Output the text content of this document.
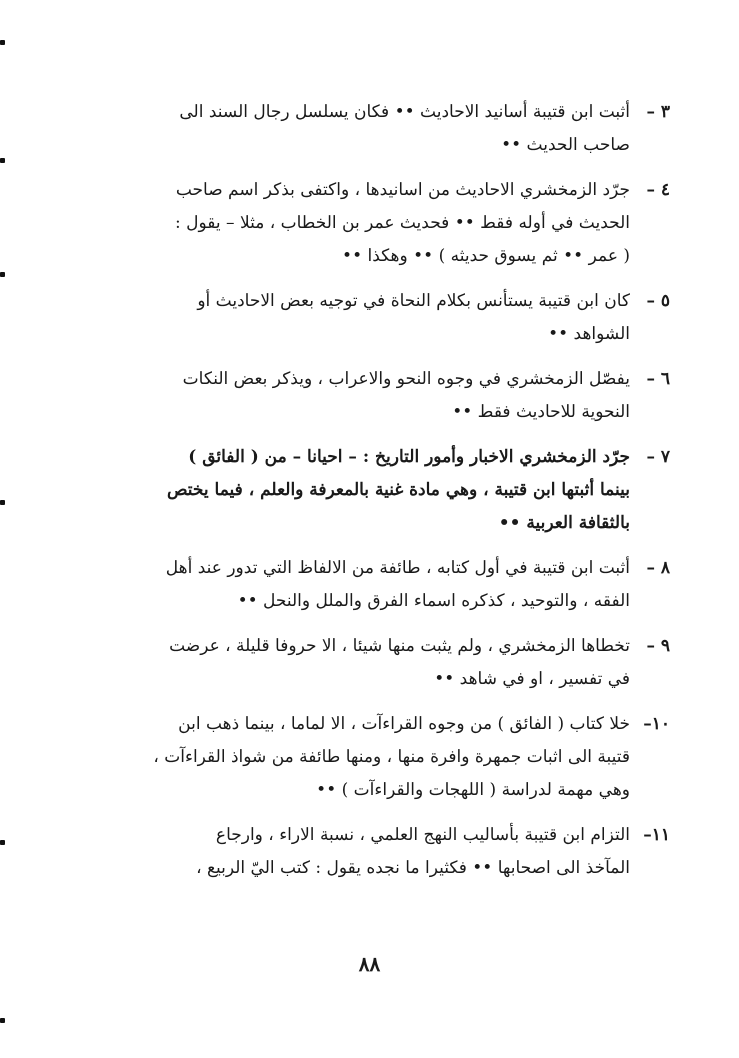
٣ –
أثبت ابن قتيبة أسانيد الاحاديث •• فكان يسلسل رجال السند الى
صاحب الحديث ••
٤ –
جرّد الزمخشري الاحاديث من اسانيدها ، واكتفى بذكر اسم صاحب
الحديث في أوله فقط •• فحديث عمر بن الخطاب ، مثلا – يقول :
( عمر •• ثم يسوق حديثه ) •• وهكذا ••
٥ –
كان ابن قتيبة يستأنس بكلام النحاة في توجيه بعض الاحاديث أو
الشواهد ••
٦ –
يفصّل الزمخشري في وجوه النحو والاعراب ، ويذكر بعض النكات
النحوية للاحاديث فقط ••
٧ –
جرّد الزمخشري الاخبار وأمور التاريخ : – احيانا – من ( الفائق )
بينما أثبتها ابن قتيبة ، وهي مادة غنية بالمعرفة والعلم ، فيما يختص
بالثقافة العربية ••
٨ –
أثبت ابن قتيبة في أول كتابه ، طائفة من الالفاظ التي تدور عند أهل
الفقه ، والتوحيد ، كذكره اسماء الفرق والملل والنحل ••
٩ –
تخطاها الزمخشري ، ولم يثبت منها شيئا ، الا حروفا قليلة ، عرضت
في تفسير ، او في شاهد ••
١٠–
خلا كتاب ( الفائق ) من وجوه القراءآت ، الا لماما ، بينما ذهب ابن
قتيبة الى اثبات جمهرة وافرة منها ، ومنها طائفة من شواذ القراءآت ،
وهي مهمة لدراسة ( اللهجات والقراءآت ) ••
١١–
التزام ابن قتيبة بأساليب النهج العلمي ، نسبة الاراء ، وارجاع
المآخذ الى اصحابها •• فكثيرا ما نجده يقول : كتب اليّ الربيع ،
٨٨
